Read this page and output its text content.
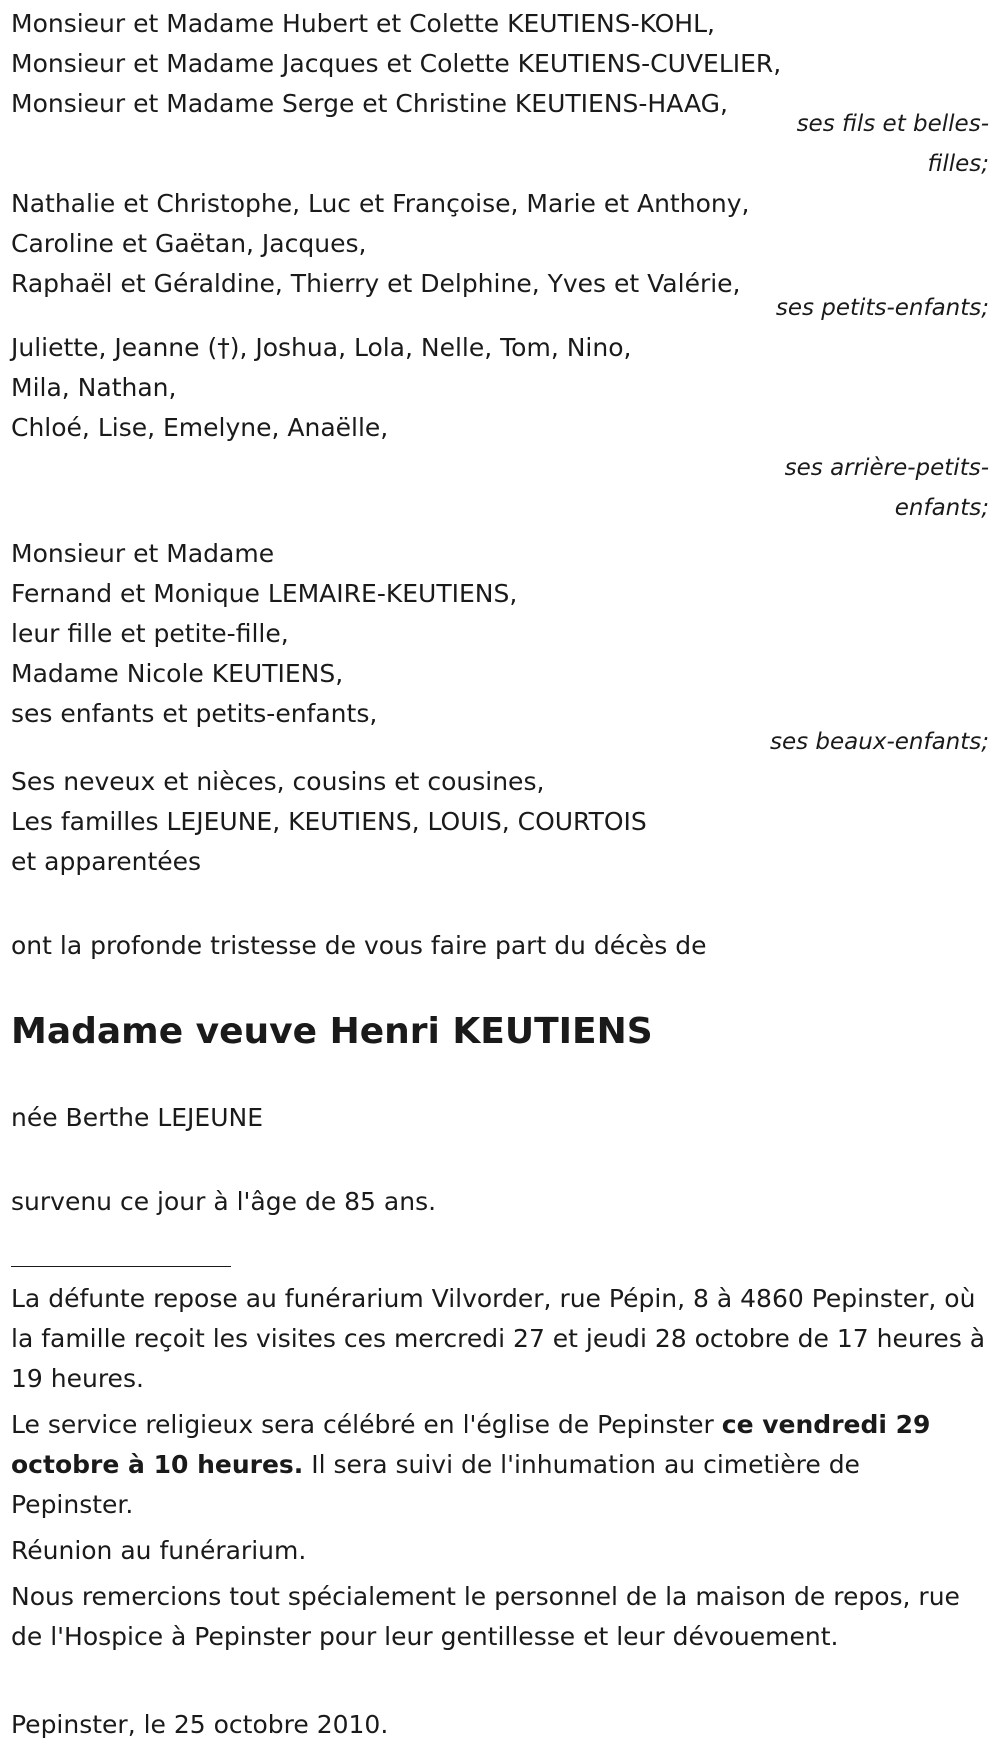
Monsieur et Madame Hubert et Colette KEUTIENS-KOHL,
Monsieur et Madame Jacques et Colette KEUTIENS-CUVELIER,
Monsieur et Madame Serge et Christine KEUTIENS-HAAG,
ses fils et belles-
filles;
Nathalie et Christophe, Luc et Françoise, Marie et Anthony,
Caroline et Gaëtan, Jacques,
Raphaël et Géraldine, Thierry et Delphine, Yves et Valérie,
ses petits-enfants;
Juliette, Jeanne (†), Joshua, Lola, Nelle, Tom, Nino,
Mila, Nathan,
Chloé, Lise, Emelyne, Anaëlle,
ses arrière-petits-
enfants;
Monsieur et Madame
Fernand et Monique LEMAIRE-KEUTIENS,
leur fille et petite-fille,
Madame Nicole KEUTIENS,
ses enfants et petits-enfants,
ses beaux-enfants;
Ses neveux et nièces, cousins et cousines,
Les familles LEJEUNE, KEUTIENS, LOUIS, COURTOIS
et apparentées
ont la profonde tristesse de vous faire part du décès de
Madame veuve Henri KEUTIENS
née Berthe LEJEUNE
survenu ce jour à l'âge de 85 ans.
La défunte repose au funérarium Vilvorder, rue Pépin, 8 à 4860 Pepinster, où la famille reçoit les visites ces mercredi 27 et jeudi 28 octobre de 17 heures à 19 heures.
Le service religieux sera célébré en l'église de Pepinster ce vendredi 29 octobre à 10 heures. Il sera suivi de l'inhumation au cimetière de Pepinster.
Réunion au funérarium.
Nous remercions tout spécialement le personnel de la maison de repos, rue de l'Hospice à Pepinster pour leur gentillesse et leur dévouement.
Pepinster, le 25 octobre 2010.
